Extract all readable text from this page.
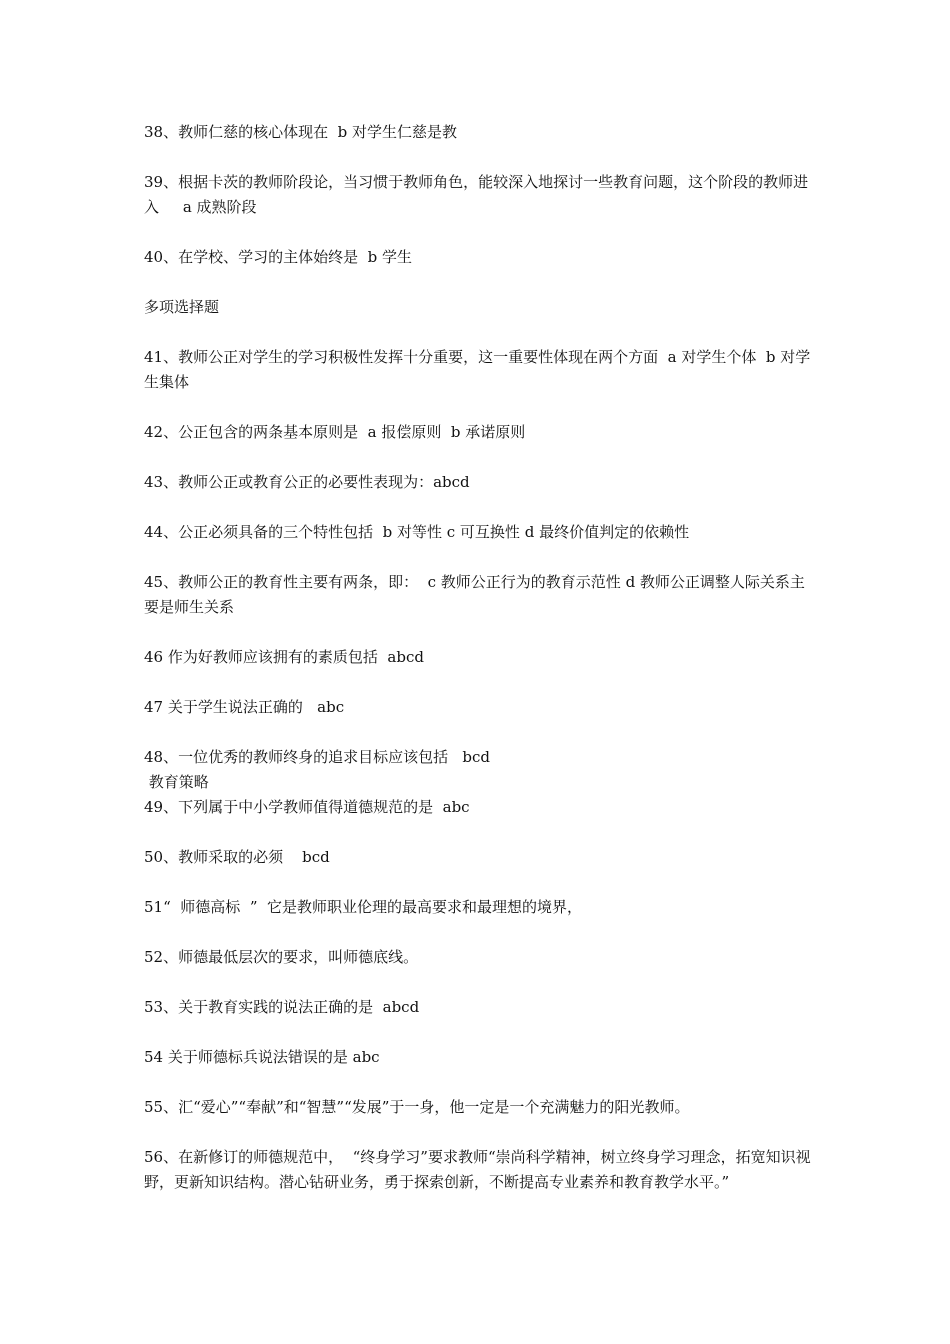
38、教师仁慈的核心体现在  b 对学生仁慈是教

39、根据卡茨的教师阶段论，当习惯于教师角色，能较深入地探讨一些教育问题，这个阶段的教师进入     a 成熟阶段

40、在学校、学习的主体始终是  b 学生

多项选择题

41、教师公正对学生的学习积极性发挥十分重要，这一重要性体现在两个方面  a 对学生个体  b 对学生集体

42、公正包含的两条基本原则是  a 报偿原则  b 承诺原则

43、教师公正或教育公正的必要性表现为：abcd

44、公正必须具备的三个特性包括  b 对等性 c 可互换性 d 最终价值判定的依赖性

45、教师公正的教育性主要有两条，即：  c 教师公正行为的教育示范性 d 教师公正调整人际关系主要是师生关系

46 作为好教师应该拥有的素质包括  abcd

47 关于学生说法正确的   abc

48、一位优秀的教师终身的追求目标应该包括   bcd

教育策略

49、下列属于中小学教师值得道德规范的是  abc

50、教师采取的必须    bcd

51“  师德高标  ”  它是教师职业伦理的最高要求和最理想的境界，

52、师德最低层次的要求，叫师德底线。

53、关于教育实践的说法正确的是  abcd

54 关于师德标兵说法错误的是 abc

55、汇“爱心”“奉献”和“智慧”“发展”于一身，他一定是一个充满魅力的阳光教师。

56、在新修订的师德规范中，  “终身学习”要求教师“崇尚科学精神，树立终身学习理念，拓宽知识视野，更新知识结构。潜心钻研业务，勇于探索创新，不断提高专业素养和教育教学水平。”
